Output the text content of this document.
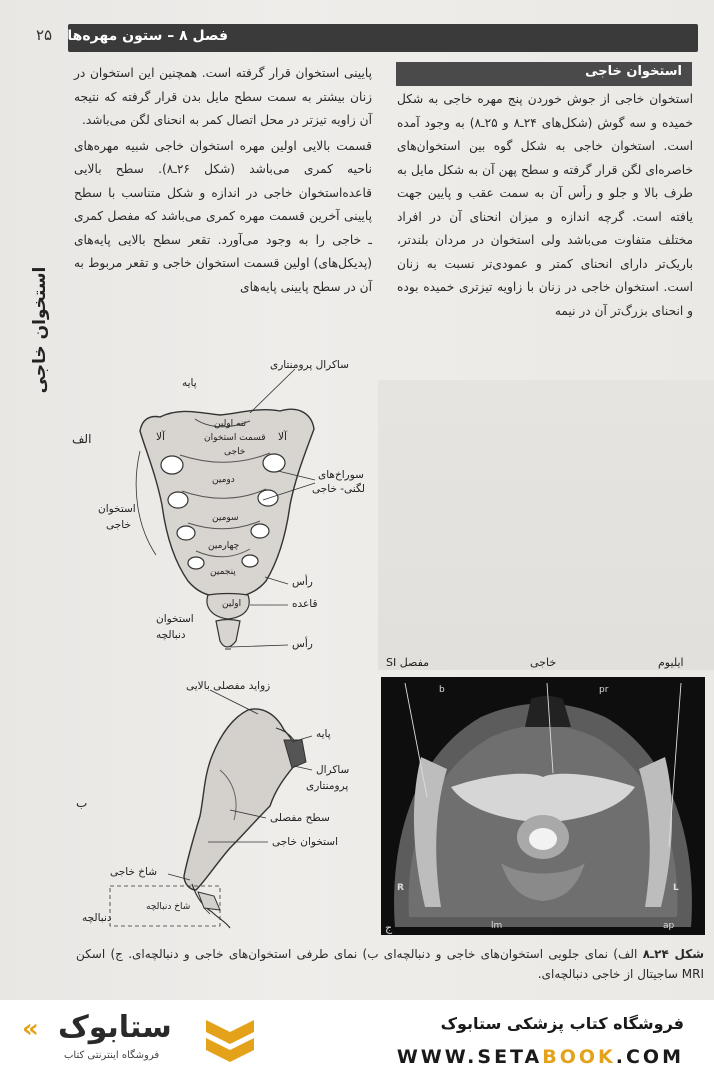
۲۵ فصل ۸ – ستون مهره‌ها
استخوان خاجی
استخوان خاجی

استخوان خاجی از جوش خوردن پنج مهره خاجی به شکل خمیده و سه گوش (شکل‌های ۲۴ـ۸ و ۲۵ـ۸) به وجود آمده است. استخوان خاجی به شکل گوه بین استخوان‌های خاصره‌ای لگن قرار گرفته و سطح پهن آن به شکل مایل به طرف بالا و جلو و رأس آن به سمت عقب و پایین جهت یافته است. گرچه اندازه و میزان انحنای آن در افراد مختلف متفاوت می‌باشد ولی استخوان در مردان بلندتر، باریک‌تر دارای انحنای کمتر و عمودی‌تر نسبت به زنان است. استخوان خاجی در زنان با زاویه تیزتری خمیده بوده و انحنای بزرگ‌تر آن در نیمه

پایینی استخوان قرار گرفته است. همچنین این استخوان در زنان بیشتر به سمت سطح مایل بدن قرار گرفته که نتیجه آن زاویه تیزتر در محل اتصال کمر به انحنای لگن می‌باشد.

قسمت بالایی اولین مهره استخوان خاجی شبیه مهره‌های ناحیه کمری می‌باشد (شکل ۲۶ـ۸). سطح بالایی قاعده‌استخوان خاجی در اندازه و شکل متناسب با سطح پایینی آخرین قسمت مهره کمری می‌باشد که مفصل کمری ـ خاجی را به وجود می‌آورد. تقعر سطح بالایی پایه‌های (پدیکل‌های) اولین قسمت استخوان خاجی و تقعر مربوط به آن در سطح پایینی پایه‌های

ساکرال پرومنتاری
پایه
تنه اولین
قسمت استخوان
خاجی
آلا	آلا
دومین	سوراخ‌های
لگنی- خاجی
سومین
چهارمین
پنجمین
استخوان
خاجی
رأس
قاعده
اولین
استخوان
دنبالچه
رأس
الف
زواید مفصلی بالایی
پایه
ساکرال
پرومنتاری
سطح مفصلی
استخوان خاجی
شاخ خاجی
شاخ دنبالچه
دنبالچه
ب
مفصل SI	خاجی	ایلیوم
b	pr
R	L
lm	ap
ج
شکل ۲۴ـ۸ الف) نمای جلویی استخوان‌های خاجی و دنبالچه‌ای ب) نمای طرفی استخوان‌های خاجی و دنبالچه‌ای. ج) اسکن MRI ساجیتال از خاجی دنبالچه‌ای.
فروشگاه کتاب پزشکی ستابوک
WWW.SETABOOK.COM
ستابوک
فروشگاه اینترنتی کتاب
«
